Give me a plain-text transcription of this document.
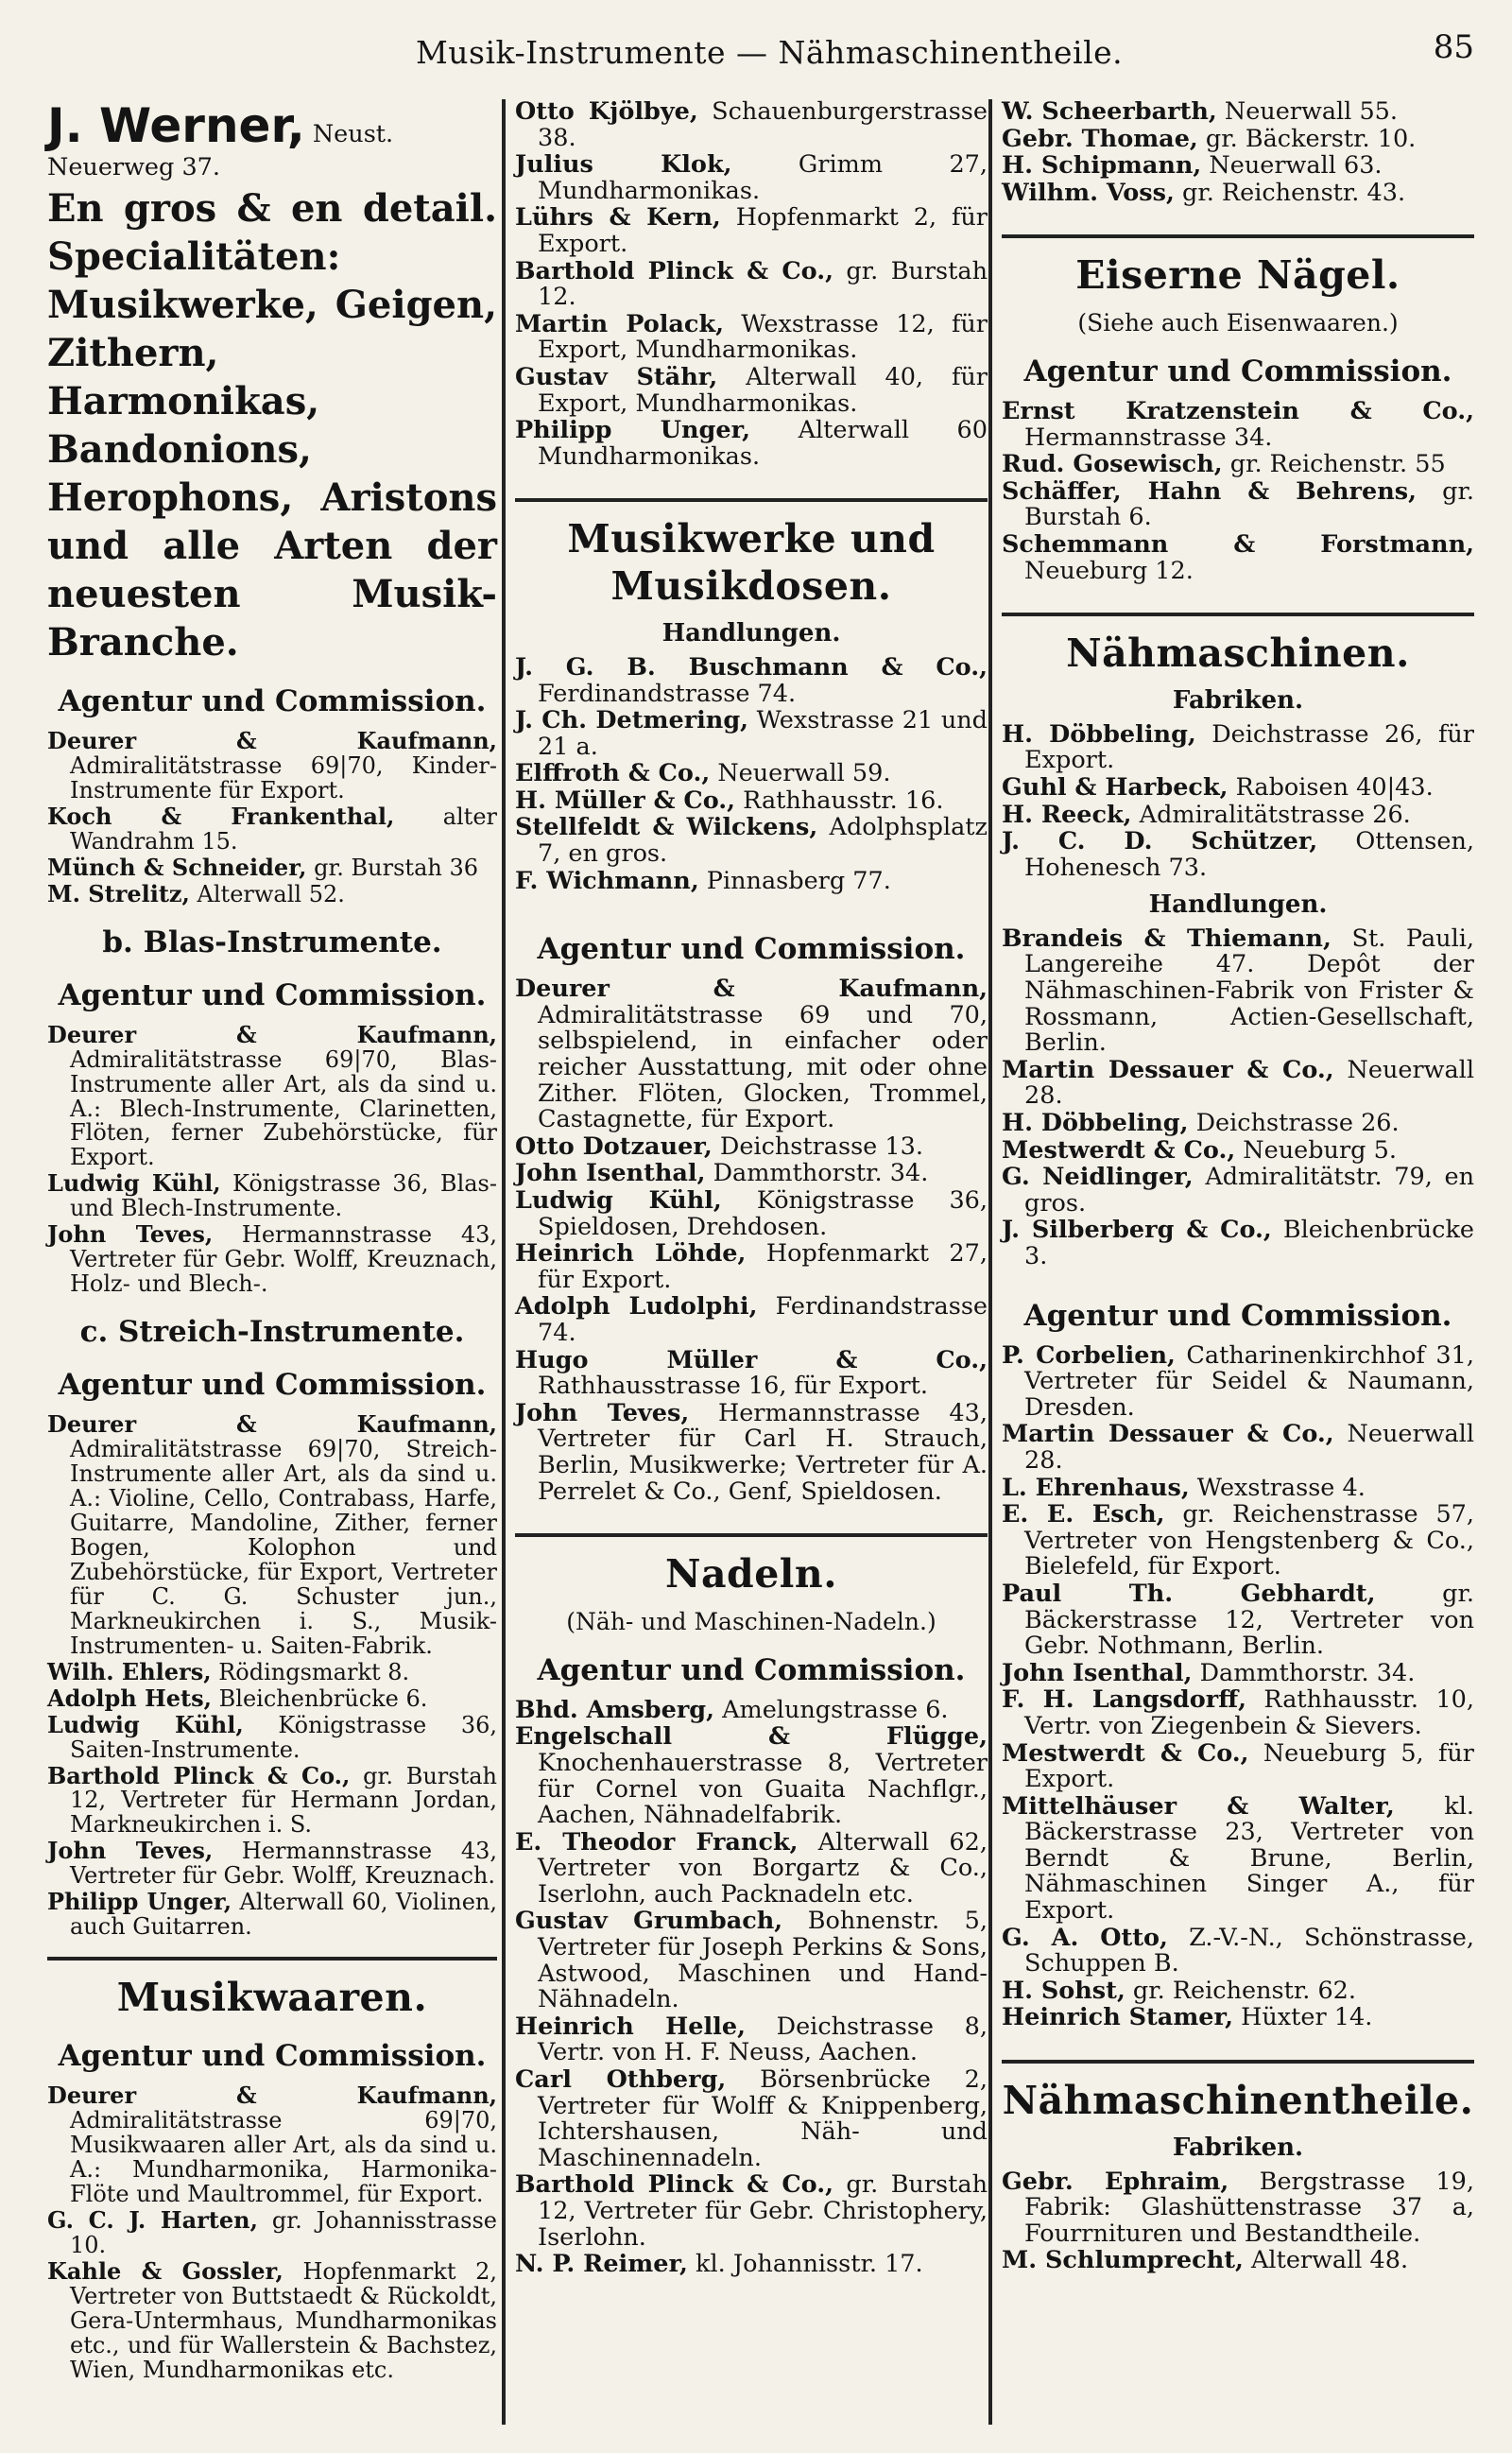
Musik-Instrumente — Nähmaschinentheile.	85
J. Werner, Neust. Neuerweg 37.
En gros & en detail. Specialitäten: Musikwerke, Geigen, Zithern, Harmonikas, Bandonions, Herophons, Aristons und alle Arten der neuesten Musik-Branche.
Agentur und Commission.
Deurer & Kaufmann, Admiralitätstrasse 69|70, Kinder-Instrumente für Export.
Koch & Frankenthal, alter Wandrahm 15.
Münch & Schneider, gr. Burstah 36
M. Strelitz, Alterwall 52.
b. Blas-Instrumente.
Agentur und Commission.
Deurer & Kaufmann, Admiralitätstrasse 69|70, Blas-Instrumente aller Art, als da sind u. A.: Blech-Instrumente, Clarinetten, Flöten, ferner Zubehörstücke, für Export.
Ludwig Kühl, Königstrasse 36, Blas- und Blech-Instrumente.
John Teves, Hermannstrasse 43, Vertreter für Gebr. Wolff, Kreuznach, Holz- und Blech-.
c. Streich-Instrumente.
Agentur und Commission.
Deurer & Kaufmann, Admiralitätstrasse 69|70, Streich-Instrumente aller Art, als da sind u. A.: Violine, Cello, Contrabass, Harfe, Guitarre, Mandoline, Zither, ferner Bogen, Kolophon und Zubehörstücke, für Export, Vertreter für C. G. Schuster jun., Markneukirchen i. S., Musik-Instrumenten- u. Saiten-Fabrik.
Wilh. Ehlers, Rödingsmarkt 8.
Adolph Hets, Bleichenbrücke 6.
Ludwig Kühl, Königstrasse 36, Saiten-Instrumente.
Barthold Plinck & Co., gr. Burstah 12, Vertreter für Hermann Jordan, Markneukirchen i. S.
John Teves, Hermannstrasse 43, Vertreter für Gebr. Wolff, Kreuznach.
Philipp Unger, Alterwall 60, Violinen, auch Guitarren.
Musikwaaren.
Agentur und Commission.
Deurer & Kaufmann, Admiralitätstrasse 69|70, Musikwaaren aller Art, als da sind u. A.: Mundharmonika, Harmonika-Flöte und Maultrommel, für Export.
G. C. J. Harten, gr. Johannisstrasse 10.
Kahle & Gossler, Hopfenmarkt 2, Vertreter von Buttstaedt & Rückoldt, Gera-Untermhaus, Mundharmonikas etc., und für Wallerstein & Bachstez, Wien, Mundharmonikas etc.
Otto Kjölbye, Schauenburgerstrasse 38.
Julius Klok, Grimm 27, Mundharmonikas.
Lührs & Kern, Hopfenmarkt 2, für Export.
Barthold Plinck & Co., gr. Burstah 12.
Martin Polack, Wexstrasse 12, für Export, Mundharmonikas.
Gustav Stähr, Alterwall 40, für Export, Mundharmonikas.
Philipp Unger, Alterwall 60 Mundharmonikas.
Musikwerke und Musikdosen.
Handlungen.
J. G. B. Buschmann & Co., Ferdinandstrasse 74.
J. Ch. Detmering, Wexstrasse 21 und 21 a.
Elffroth & Co., Neuerwall 59.
H. Müller & Co., Rathhausstr. 16.
Stellfeldt & Wilckens, Adolphsplatz 7, en gros.
F. Wichmann, Pinnasberg 77.
Agentur und Commission.
Deurer & Kaufmann, Admiralitätstrasse 69 und 70, selbspielend, in einfacher oder reicher Ausstattung, mit oder ohne Zither. Flöten, Glocken, Trommel, Castagnette, für Export.
Otto Dotzauer, Deichstrasse 13.
John Isenthal, Dammthorstr. 34.
Ludwig Kühl, Königstrasse 36, Spieldosen, Drehdosen.
Heinrich Löhde, Hopfenmarkt 27, für Export.
Adolph Ludolphi, Ferdinandstrasse 74.
Hugo Müller & Co., Rathhausstrasse 16, für Export.
John Teves, Hermannstrasse 43, Vertreter für Carl H. Strauch, Berlin, Musikwerke; Vertreter für A. Perrelet & Co., Genf, Spieldosen.
Nadeln.
(Näh- und Maschinen-Nadeln.)
Agentur und Commission.
Bhd. Amsberg, Amelungstrasse 6.
Engelschall & Flügge, Knochenhauerstrasse 8, Vertreter für Cornel von Guaita Nachflgr., Aachen, Nähnadelfabrik.
E. Theodor Franck, Alterwall 62, Vertreter von Borgartz & Co., Iserlohn, auch Packnadeln etc.
Gustav Grumbach, Bohnenstr. 5, Vertreter für Joseph Perkins & Sons, Astwood, Maschinen und Hand-Nähnadeln.
Heinrich Helle, Deichstrasse 8, Vertr. von H. F. Neuss, Aachen.
Carl Othberg, Börsenbrücke 2, Vertreter für Wolff & Knippenberg, Ichtershausen, Näh- und Maschinennadeln.
Barthold Plinck & Co., gr. Burstah 12, Vertreter für Gebr. Christophery, Iserlohn.
N. P. Reimer, kl. Johannisstr. 17.
W. Scheerbarth, Neuerwall 55.
Gebr. Thomae, gr. Bäckerstr. 10.
H. Schipmann, Neuerwall 63.
Wilhm. Voss, gr. Reichenstr. 43.
Eiserne Nägel.
(Siehe auch Eisenwaaren.)
Agentur und Commission.
Ernst Kratzenstein & Co., Hermannstrasse 34.
Rud. Gosewisch, gr. Reichenstr. 55
Schäffer, Hahn & Behrens, gr. Burstah 6.
Schemmann & Forstmann, Neueburg 12.
Nähmaschinen.
Fabriken.
H. Döbbeling, Deichstrasse 26, für Export.
Guhl & Harbeck, Raboisen 40|43.
H. Reeck, Admiralitätstrasse 26.
J. C. D. Schützer, Ottensen, Hohenesch 73.
Handlungen.
Brandeis & Thiemann, St. Pauli, Langereihe 47. Depôt der Nähmaschinen-Fabrik von Frister & Rossmann, Actien-Gesellschaft, Berlin.
Martin Dessauer & Co., Neuerwall 28.
H. Döbbeling, Deichstrasse 26.
Mestwerdt & Co., Neueburg 5.
G. Neidlinger, Admiralitätstr. 79, en gros.
J. Silberberg & Co., Bleichenbrücke 3.
Agentur und Commission.
P. Corbelien, Catharinenkirchhof 31, Vertreter für Seidel & Naumann, Dresden.
Martin Dessauer & Co., Neuerwall 28.
L. Ehrenhaus, Wexstrasse 4.
E. E. Esch, gr. Reichenstrasse 57, Vertreter von Hengstenberg & Co., Bielefeld, für Export.
Paul Th. Gebhardt, gr. Bäckerstrasse 12, Vertreter von Gebr. Nothmann, Berlin.
John Isenthal, Dammthorstr. 34.
F. H. Langsdorff, Rathhausstr. 10, Vertr. von Ziegenbein & Sievers.
Mestwerdt & Co., Neueburg 5, für Export.
Mittelhäuser & Walter, kl. Bäckerstrasse 23, Vertreter von Berndt & Brune, Berlin, Nähmaschinen Singer A., für Export.
G. A. Otto, Z.-V.-N., Schönstrasse, Schuppen B.
H. Sohst, gr. Reichenstr. 62.
Heinrich Stamer, Hüxter 14.
Nähmaschinentheile.
Fabriken.
Gebr. Ephraim, Bergstrasse 19, Fabrik: Glashüttenstrasse 37 a, Fourrnituren und Bestandtheile.
M. Schlumprecht, Alterwall 48.
